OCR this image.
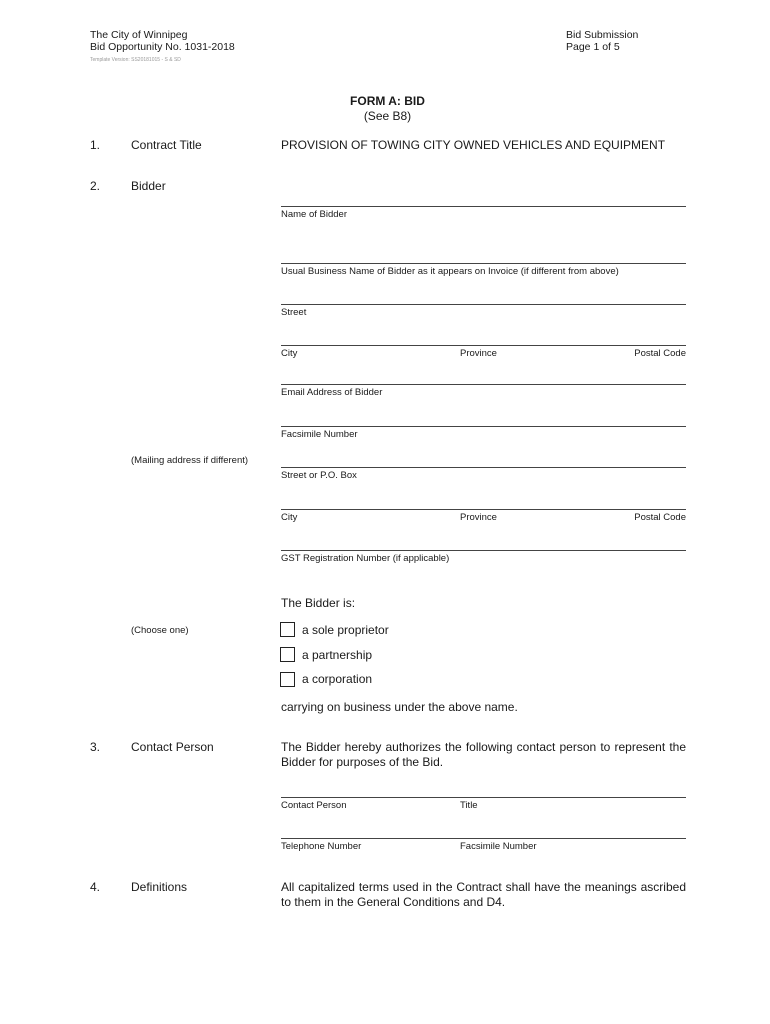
The City of Winnipeg
Bid Opportunity No. 1031-2018
Template Version: SS20181015 - S & SD
Bid Submission
Page 1 of 5
FORM A: BID
(See B8)
1.	Contract Title	PROVISION OF TOWING CITY OWNED VEHICLES AND EQUIPMENT
2.	Bidder
Name of Bidder
Usual Business Name of Bidder as it appears on Invoice (if different from above)
Street
City	Province	Postal Code
Email Address of Bidder
Facsimile Number
(Mailing address if different)
Street or P.O. Box
City	Province	Postal Code
GST Registration Number (if applicable)
The Bidder is:
(Choose one)	a sole proprietor
a partnership
a corporation
carrying on business under the above name.
3.	Contact Person	The Bidder hereby authorizes the following contact person to represent the Bidder for purposes of the Bid.
Contact Person	Title
Telephone Number	Facsimile Number
4.	Definitions	All capitalized terms used in the Contract shall have the meanings ascribed to them in the General Conditions and D4.
